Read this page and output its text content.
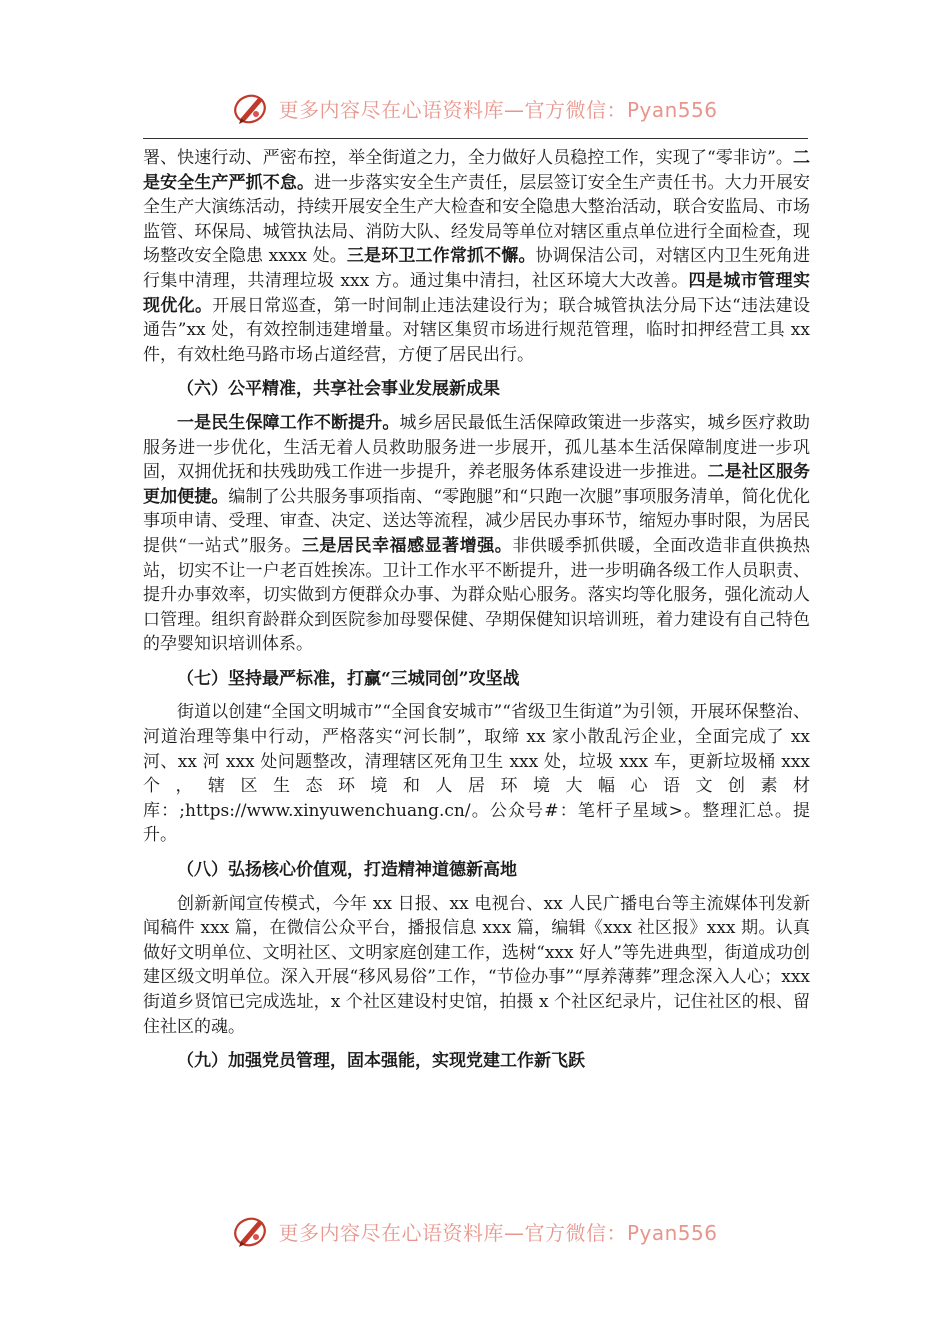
更多内容尽在心语资料库—官方微信：Pyan556

署、快速行动、严密布控，举全街道之力，全力做好人员稳控工作，实现了“零非访”。二是安全生产严抓不怠。进一步落实安全生产责任，层层签订安全生产责任书。大力开展安全生产大演练活动，持续开展安全生产大检查和安全隐患大整治活动，联合安监局、市场监管、环保局、城管执法局、消防大队、经发局等单位对辖区重点单位进行全面检查，现场整改安全隐患 xxxx 处。三是环卫工作常抓不懈。协调保洁公司，对辖区内卫生死角进行集中清理，共清理垃圾 xxx 方。通过集中清扫，社区环境大大改善。四是城市管理实现优化。开展日常巡查，第一时间制止违法建设行为；联合城管执法分局下达“违法建设通告”xx 处，有效控制违建增量。对辖区集贸市场进行规范管理，临时扣押经营工具 xx 件，有效杜绝马路市场占道经营，方便了居民出行。

（六）公平精准，共享社会事业发展新成果

一是民生保障工作不断提升。城乡居民最低生活保障政策进一步落实，城乡医疗救助服务进一步优化，生活无着人员救助服务进一步展开，孤儿基本生活保障制度进一步巩固，双拥优抚和扶残助残工作进一步提升，养老服务体系建设进一步推进。二是社区服务更加便捷。编制了公共服务事项指南、“零跑腿”和“只跑一次腿”事项服务清单，简化优化事项申请、受理、审查、决定、送达等流程，减少居民办事环节，缩短办事时限，为居民提供“一站式”服务。三是居民幸福感显著增强。非供暖季抓供暖，全面改造非直供换热站，切实不让一户老百姓挨冻。卫计工作水平不断提升，进一步明确各级工作人员职责、提升办事效率，切实做到方便群众办事、为群众贴心服务。落实均等化服务，强化流动人口管理。组织育龄群众到医院参加母婴保健、孕期保健知识培训班，着力建设有自己特色的孕婴知识培训体系。

（七）坚持最严标准，打赢“三城同创”攻坚战

街道以创建“全国文明城市”“全国食安城市”“省级卫生街道”为引领，开展环保整治、河道治理等集中行动，严格落实“河长制”，取缔 xx 家小散乱污企业，全面完成了 xx 河、xx 河 xxx 处问题整改，清理辖区死角卫生 xxx 处，垃圾 xxx 车，更新垃圾桶 xxx 个，辖区生态环境和人居环境大幅心语文创素材库：;https://www.xinyuwenchuang.cn/。公众号#：笔杆子星域>。整理汇总。提升。

（八）弘扬核心价值观，打造精神道德新高地

创新新闻宣传模式，今年 xx 日报、xx 电视台、xx 人民广播电台等主流媒体刊发新闻稿件 xxx 篇，在微信公众平台，播报信息 xxx 篇，编辑《xxx 社区报》xxx 期。认真做好文明单位、文明社区、文明家庭创建工作，选树“xxx 好人”等先进典型，街道成功创建区级文明单位。深入开展“移风易俗”工作，“节俭办事”“厚养薄葬”理念深入人心；xxx 街道乡贤馆已完成选址，x 个社区建设村史馆，拍摄 x 个社区纪录片，记住社区的根、留住社区的魂。

（九）加强党员管理，固本强能，实现党建工作新飞跃

更多内容尽在心语资料库—官方微信：Pyan556
